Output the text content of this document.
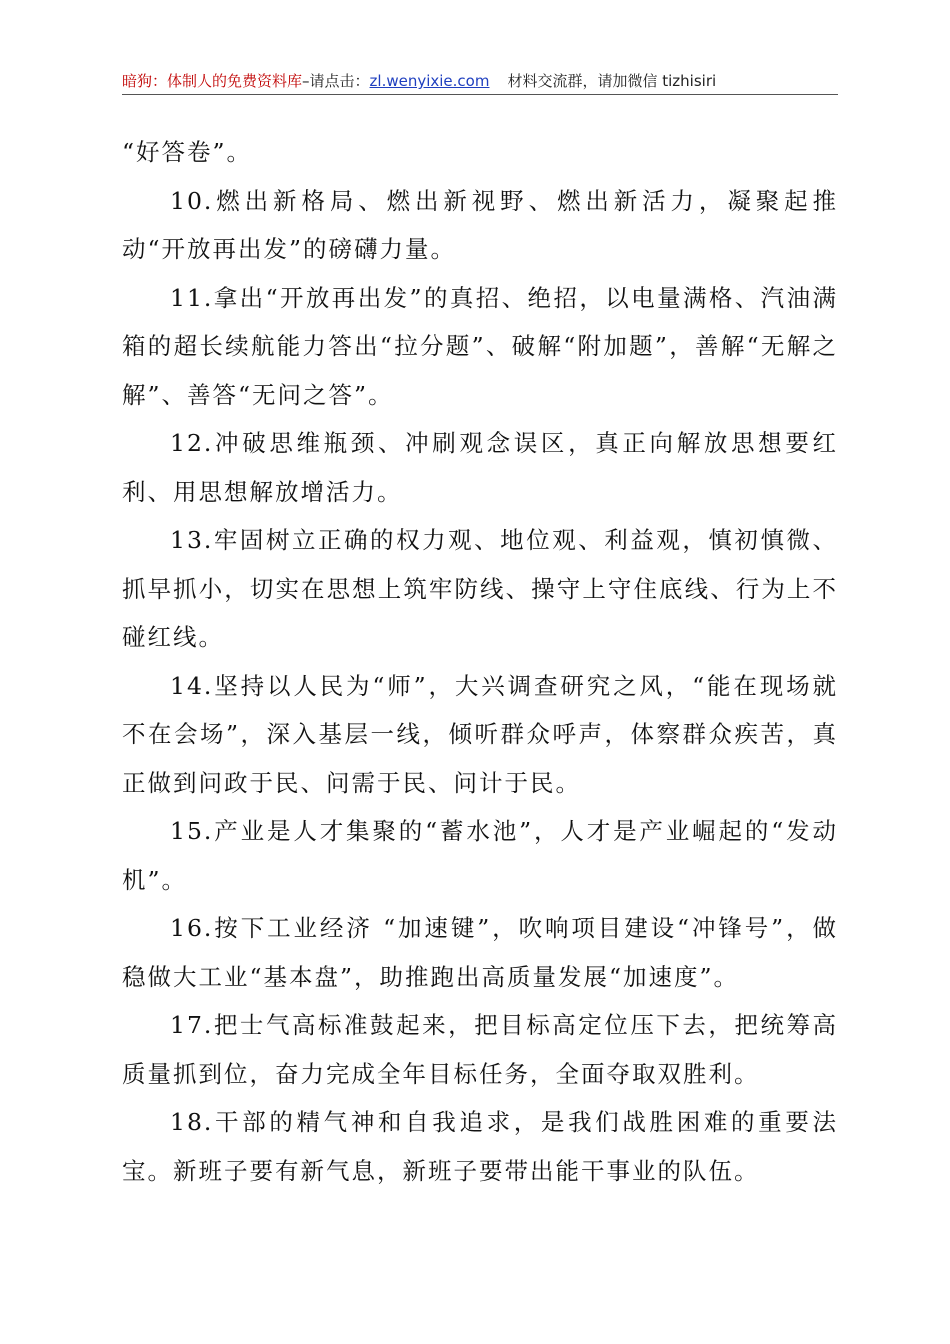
暗狗：体制人的免费资料库–请点击：zl.wenyixie.com 材料交流群，请加微信 tizhisiri

“好答卷”。

10.燃出新格局、燃出新视野、燃出新活力，凝聚起推动“开放再出发”的磅礴力量。

11.拿出“开放再出发”的真招、绝招，以电量满格、汽油满箱的超长续航能力答出“拉分题”、破解“附加题”，善解“无解之解”、善答“无问之答”。

12.冲破思维瓶颈、冲刷观念误区，真正向解放思想要红利、用思想解放增活力。

13.牢固树立正确的权力观、地位观、利益观，慎初慎微、抓早抓小，切实在思想上筑牢防线、操守上守住底线、行为上不碰红线。

14.坚持以人民为“师”，大兴调查研究之风，“能在现场就不在会场”，深入基层一线，倾听群众呼声，体察群众疾苦，真正做到问政于民、问需于民、问计于民。

15.产业是人才集聚的“蓄水池”，人才是产业崛起的“发动机”。

16.按下工业经济 “加速键”，吹响项目建设“冲锋号”，做稳做大工业“基本盘”，助推跑出高质量发展“加速度”。

17.把士气高标准鼓起来，把目标高定位压下去，把统筹高质量抓到位，奋力完成全年目标任务，全面夺取双胜利。

18.干部的精气神和自我追求，是我们战胜困难的重要法宝。新班子要有新气息，新班子要带出能干事业的队伍。
